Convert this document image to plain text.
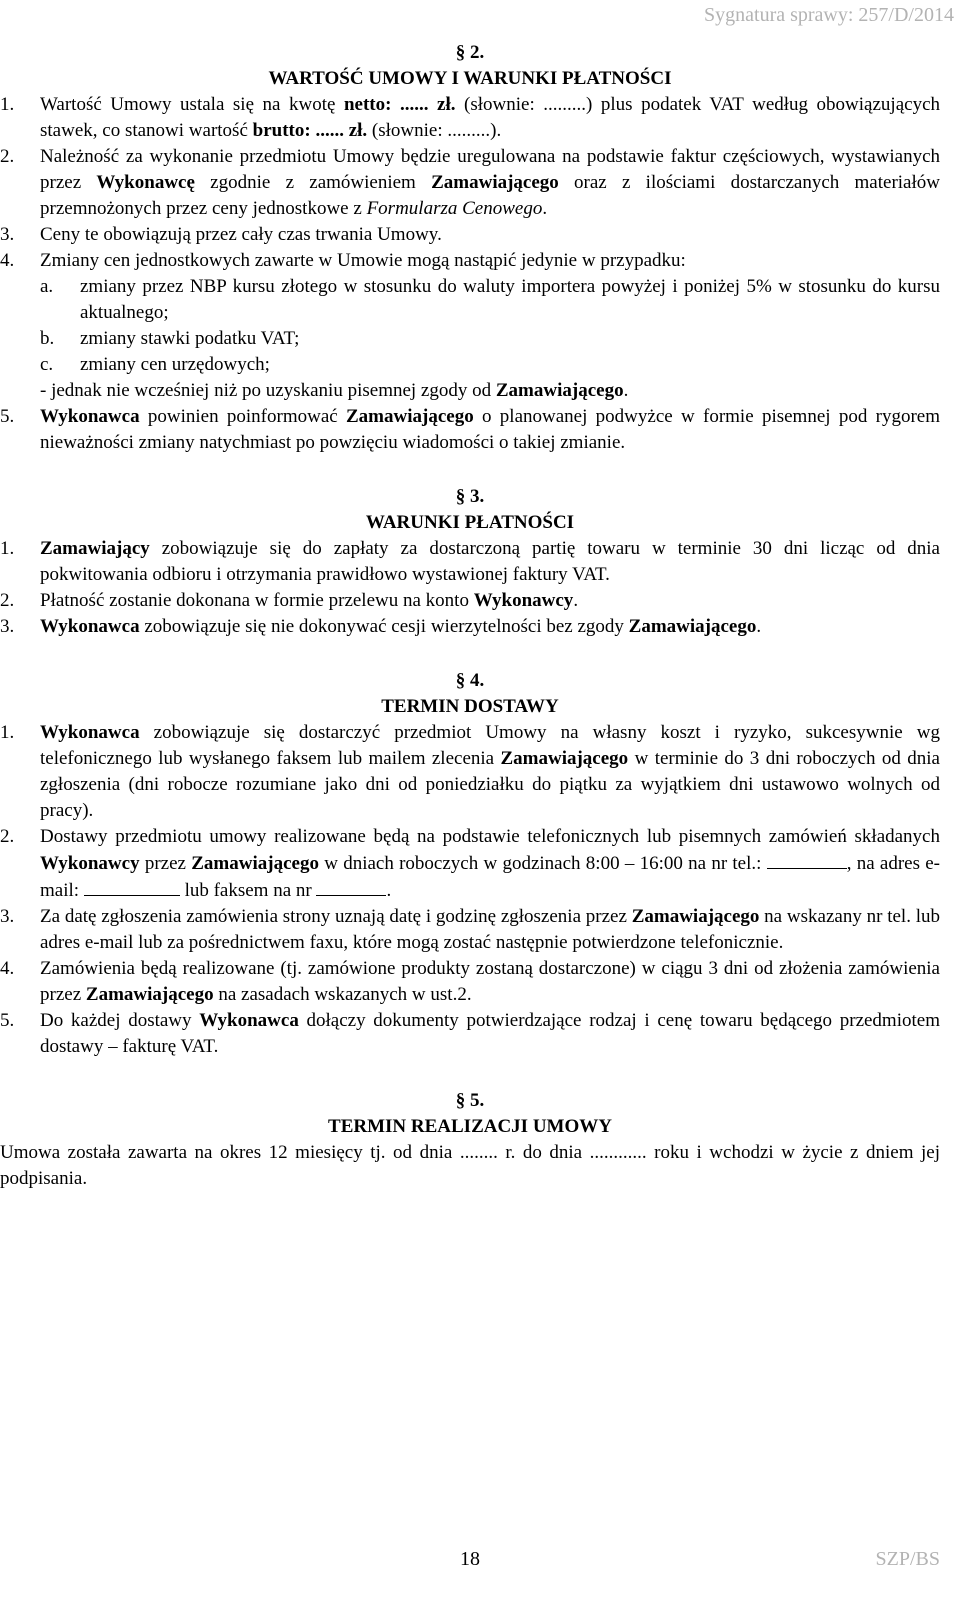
Sygnatura sprawy: 257/D/2014
§ 2.
WARTOŚĆ UMOWY I WARUNKI PŁATNOŚCI
1. Wartość Umowy ustala się na kwotę netto: ...... zł. (słownie: .........) plus podatek VAT według obowiązujących stawek, co stanowi wartość brutto: ...... zł. (słownie: .........).
2. Należność za wykonanie przedmiotu Umowy będzie uregulowana na podstawie faktur częściowych, wystawianych przez Wykonawcę zgodnie z zamówieniem Zamawiającego oraz z ilościami dostarczanych materiałów przemnożonych przez ceny jednostkowe z Formularza Cenowego.
3. Ceny te obowiązują przez cały czas trwania Umowy.
4. Zmiany cen jednostkowych zawarte w Umowie mogą nastąpić jedynie w przypadku:
a. zmiany przez NBP kursu złotego w stosunku do waluty importera powyżej i poniżej 5% w stosunku do kursu aktualnego;
b. zmiany stawki podatku VAT;
c. zmiany cen urzędowych;
- jednak nie wcześniej niż po uzyskaniu pisemnej zgody od Zamawiającego.
5. Wykonawca powinien poinformować Zamawiającego o planowanej podwyżce w formie pisemnej pod rygorem nieważności zmiany natychmiast po powzięciu wiadomości o takiej zmianie.
§ 3.
WARUNKI PŁATNOŚCI
1. Zamawiający zobowiązuje się do zapłaty za dostarczoną partię towaru w terminie 30 dni licząc od dnia pokwitowania odbioru i otrzymania prawidłowo wystawionej faktury VAT.
2. Płatność zostanie dokonana w formie przelewu na konto Wykonawcy.
3. Wykonawca zobowiązuje się nie dokonywać cesji wierzytelności bez zgody Zamawiającego.
§ 4.
TERMIN DOSTAWY
1. Wykonawca zobowiązuje się dostarczyć przedmiot Umowy na własny koszt i ryzyko, sukcesywnie wg telefonicznego lub wysłanego faksem lub mailem zlecenia Zamawiającego w terminie do 3 dni roboczych od dnia zgłoszenia (dni robocze rozumiane jako dni od poniedziałku do piątku za wyjątkiem dni ustawowo wolnych od pracy).
2. Dostawy przedmiotu umowy realizowane będą na podstawie telefonicznych lub pisemnych zamówień składanych Wykonawcy przez Zamawiającego w dniach roboczych w godzinach 8:00 – 16:00 na nr tel.:	, na adres e-mail:	lub faksem na nr	.
3. Za datę zgłoszenia zamówienia strony uznają datę i godzinę zgłoszenia przez Zamawiającego na wskazany nr tel. lub adres e-mail lub za pośrednictwem faxu, które mogą zostać następnie potwierdzone telefonicznie.
4. Zamówienia będą realizowane (tj. zamówione produkty zostaną dostarczone) w ciągu 3 dni od złożenia zamówienia przez Zamawiającego na zasadach wskazanych w ust.2.
5. Do każdej dostawy Wykonawca dołączy dokumenty potwierdzające rodzaj i cenę towaru będącego przedmiotem dostawy – fakturę VAT.
§ 5.
TERMIN REALIZACJI UMOWY
Umowa została zawarta na okres 12 miesięcy tj. od dnia ........ r. do dnia ............ roku i wchodzi w życie z dniem jej podpisania.
18	SZP/BS
